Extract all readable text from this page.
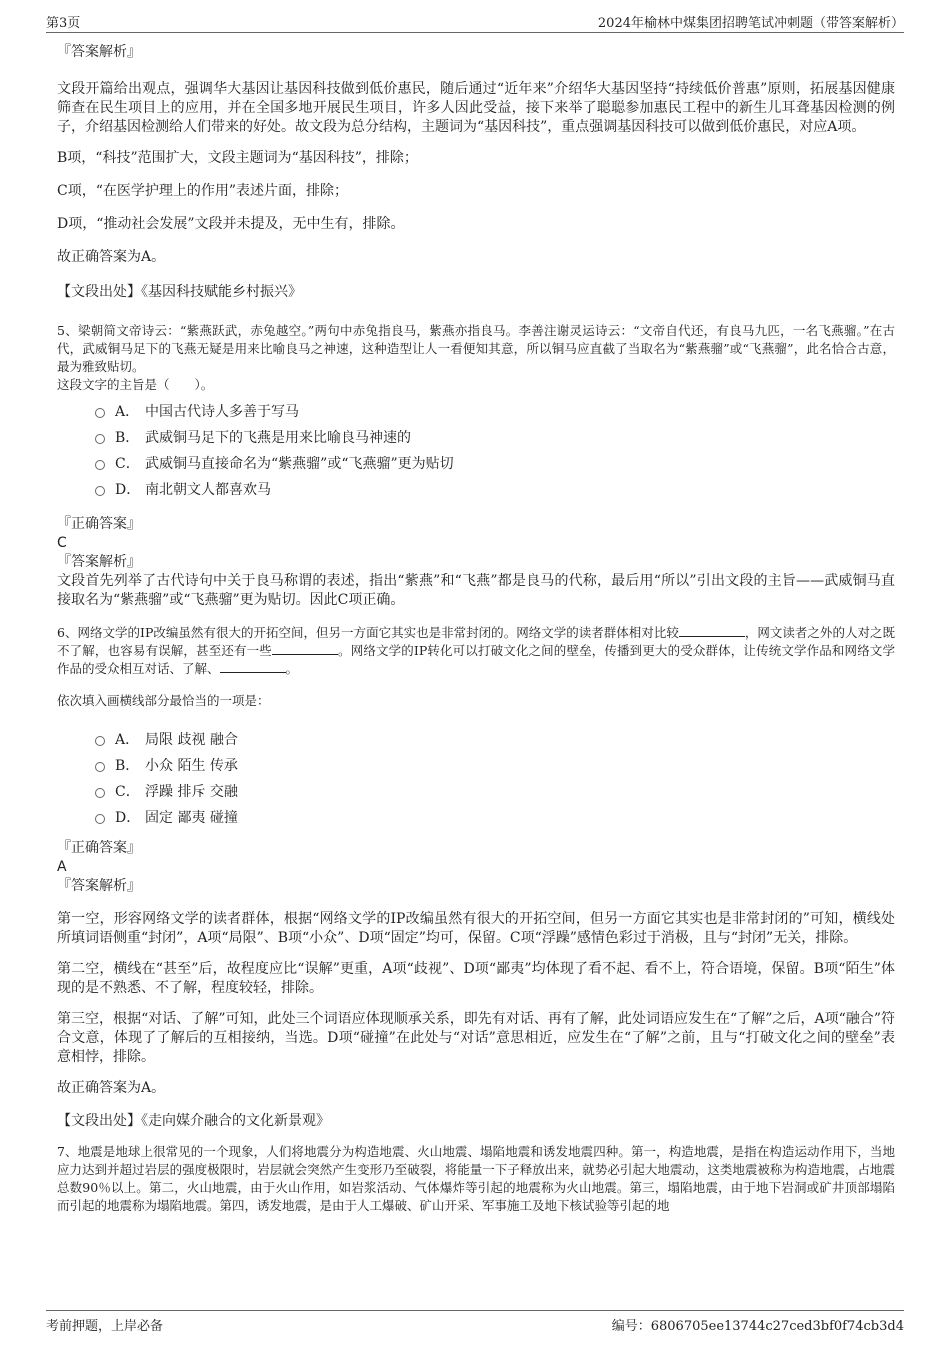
第3页	2024年榆林中煤集团招聘笔试冲刺题（带答案解析）

『答案解析』

文段开篇给出观点，强调华大基因让基因科技做到低价惠民，随后通过“近年来”介绍华大基因坚持“持续低价普惠”原则，拓展基因健康筛查在民生项目上的应用，并在全国多地开展民生项目，许多人因此受益，接下来举了聪聪参加惠民工程中的新生儿耳聋基因检测的例子，介绍基因检测给人们带来的好处。故文段为总分结构，主题词为“基因科技”，重点强调基因科技可以做到低价惠民，对应A项。

B项，“科技”范围扩大，文段主题词为“基因科技”，排除；

C项，“在医学护理上的作用”表述片面，排除；

D项，“推动社会发展”文段并未提及，无中生有，排除。

故正确答案为A。

【文段出处】《基因科技赋能乡村振兴》

5、梁朝简文帝诗云：“紫燕跃武，赤兔越空。”两句中赤兔指良马，紫燕亦指良马。李善注谢灵运诗云：“文帝自代还，有良马九匹，一名飞燕骝。”在古代，武威铜马足下的飞燕无疑是用来比喻良马之神速，这种造型让人一看便知其意，所以铜马应直截了当取名为“紫燕骝”或“飞燕骝”，此名恰合古意，最为雅致贴切。

这段文字的主旨是（　　）。

A． 中国古代诗人多善于写马
B． 武威铜马足下的飞燕是用来比喻良马神速的
C． 武威铜马直接命名为“紫燕骝”或“飞燕骝”更为贴切
D． 南北朝文人都喜欢马

『正确答案』

C

『答案解析』

文段首先列举了古代诗句中关于良马称谓的表述，指出“紫燕”和“飞燕”都是良马的代称，最后用“所以”引出文段的主旨——武威铜马直接取名为“紫燕骝”或“飞燕骝”更为贴切。因此C项正确。

6、网络文学的IP改编虽然有很大的开拓空间，但另一方面它其实也是非常封闭的。网络文学的读者群体相对比较	，网文读者之外的人对之既不了解，也容易有误解，甚至还有一些	。网络文学的IP转化可以打破文化之间的壁垒，传播到更大的受众群体，让传统文学作品和网络文学作品的受众相互对话、了解、	。

依次填入画横线部分最恰当的一项是：

A． 局限 歧视 融合
B． 小众 陌生 传承
C． 浮躁 排斥 交融
D． 固定 鄙夷 碰撞

『正确答案』

A

『答案解析』

第一空，形容网络文学的读者群体，根据“网络文学的IP改编虽然有很大的开拓空间，但另一方面它其实也是非常封闭的”可知，横线处所填词语侧重“封闭”，A项“局限”、B项“小众”、D项“固定”均可，保留。C项“浮躁”感情色彩过于消极，且与“封闭”无关，排除。

第二空，横线在“甚至”后，故程度应比“误解”更重，A项“歧视”、D项“鄙夷”均体现了看不起、看不上，符合语境，保留。B项“陌生”体现的是不熟悉、不了解，程度较轻，排除。

第三空，根据“对话、了解”可知，此处三个词语应体现顺承关系，即先有对话、再有了解，此处词语应发生在“了解”之后，A项“融合”符合文意，体现了了解后的互相接纳，当选。D项“碰撞”在此处与“对话”意思相近，应发生在“了解”之前，且与“打破文化之间的壁垒”表意相悖，排除。

故正确答案为A。

【文段出处】《走向媒介融合的文化新景观》

7、地震是地球上很常见的一个现象，人们将地震分为构造地震、火山地震、塌陷地震和诱发地震四种。第一，构造地震，是指在构造运动作用下，当地应力达到并超过岩层的强度极限时，岩层就会突然产生变形乃至破裂，将能量一下子释放出来，就势必引起大地震动，这类地震被称为构造地震，占地震总数90％以上。第二，火山地震，由于火山作用，如岩浆活动、气体爆炸等引起的地震称为火山地震。第三，塌陷地震，由于地下岩洞或矿井顶部塌陷而引起的地震称为塌陷地震。第四，诱发地震，是由于人工爆破、矿山开采、军事施工及地下核试验等引起的地

考前押题，上岸必备	编号：6806705ee13744c27ced3bf0f74cb3d4
